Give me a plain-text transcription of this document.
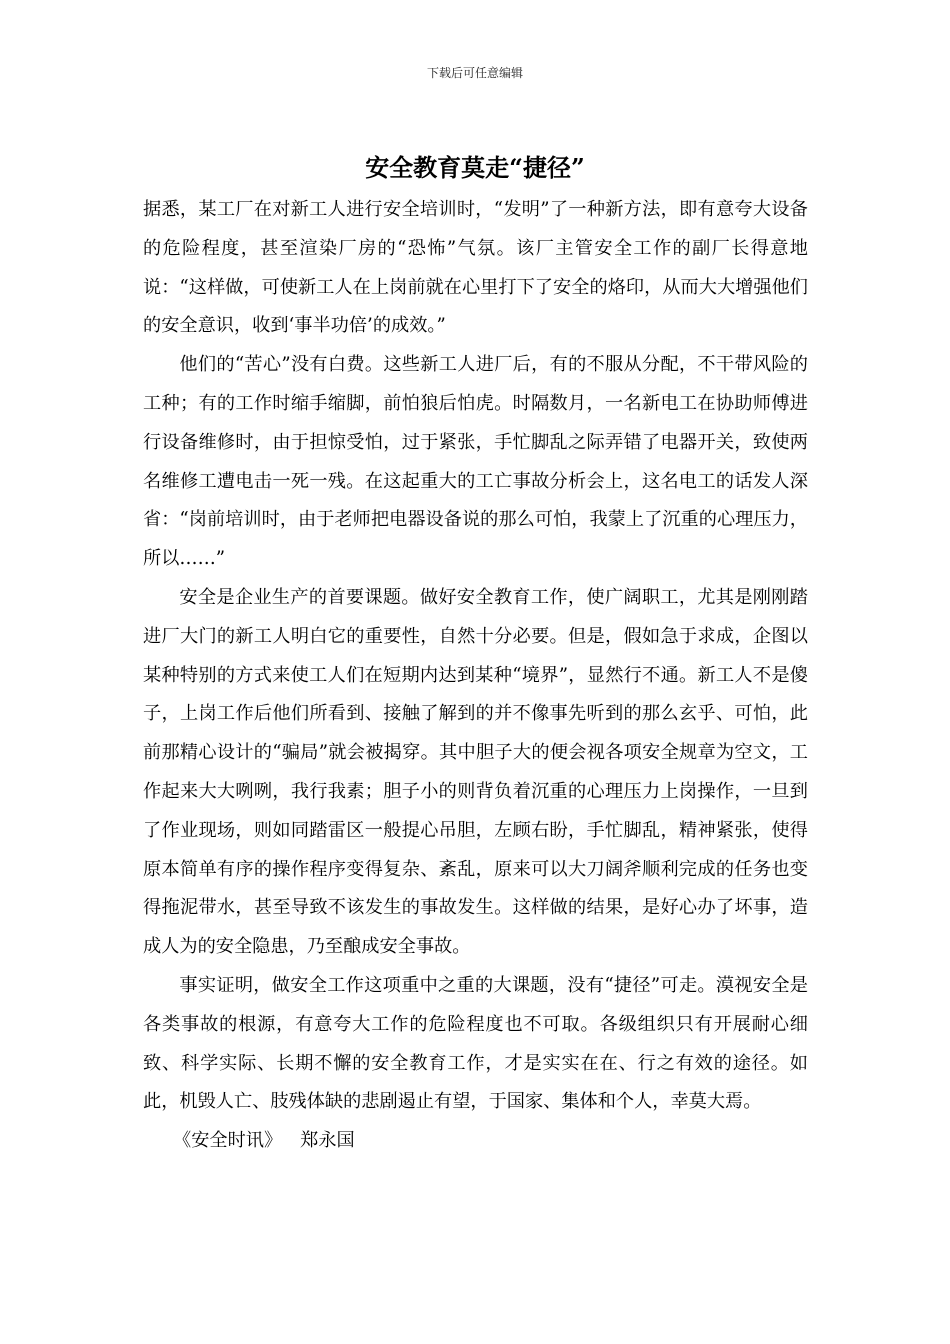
下载后可任意编辑
安全教育莫走“捷径”

据悉，某工厂在对新工人进行安全培训时，“发明”了一种新方法，即有意夸大设备的危险程度，甚至渲染厂房的“恐怖”气氛。该厂主管安全工作的副厂长得意地说：“这样做，可使新工人在上岗前就在心里打下了安全的烙印，从而大大增强他们的安全意识，收到‘事半功倍’的成效。”

他们的“苦心”没有白费。这些新工人进厂后，有的不服从分配，不干带风险的工种；有的工作时缩手缩脚，前怕狼后怕虎。时隔数月，一名新电工在协助师傅进行设备维修时，由于担惊受怕，过于紧张，手忙脚乱之际弄错了电器开关，致使两名维修工遭电击一死一残。在这起重大的工亡事故分析会上，这名电工的话发人深省：“岗前培训时，由于老师把电器设备说的那么可怕，我蒙上了沉重的心理压力，所以……”

安全是企业生产的首要课题。做好安全教育工作，使广阔职工，尤其是刚刚踏进厂大门的新工人明白它的重要性，自然十分必要。但是，假如急于求成，企图以某种特别的方式来使工人们在短期内达到某种“境界”，显然行不通。新工人不是傻子，上岗工作后他们所看到、接触了解到的并不像事先听到的那么玄乎、可怕，此前那精心设计的“骗局”就会被揭穿。其中胆子大的便会视各项安全规章为空文，工作起来大大咧咧，我行我素；胆子小的则背负着沉重的心理压力上岗操作，一旦到了作业现场，则如同踏雷区一般提心吊胆，左顾右盼，手忙脚乱，精神紧张，使得原本简单有序的操作程序变得复杂、紊乱，原来可以大刀阔斧顺利完成的任务也变得拖泥带水，甚至导致不该发生的事故发生。这样做的结果，是好心办了坏事，造成人为的安全隐患，乃至酿成安全事故。

事实证明，做安全工作这项重中之重的大课题，没有“捷径”可走。漠视安全是各类事故的根源，有意夸大工作的危险程度也不可取。各级组织只有开展耐心细致、科学实际、长期不懈的安全教育工作，才是实实在在、行之有效的途径。如此，机毁人亡、肢残体缺的悲剧遏止有望，于国家、集体和个人，幸莫大焉。

《安全时讯》 郑永国
